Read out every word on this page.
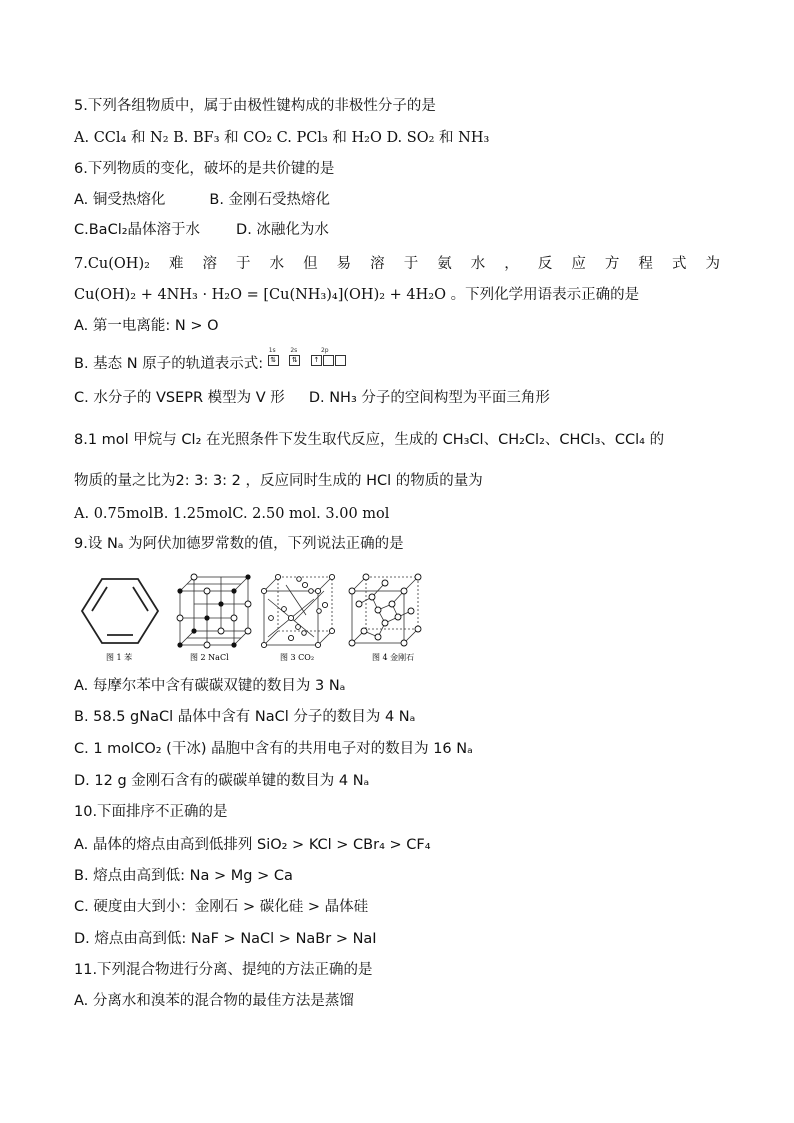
5.下列各组物质中，属于由极性键构成的非极性分子的是
A. CCl₄ 和 N₂ B. BF₃ 和 CO₂ C. PCl₃ 和 H₂O D. SO₂ 和 NH₃
6.下列物质的变化，破坏的是共价键的是
A. 铜受热熔化	B. 金刚石受热熔化
C.BaCl₂晶体溶于水 D. 冰融化为水
7.Cu(OH)₂ 难 溶 于 水 但 易 溶 于 氨 水 ， 反 应 方 程 式 为
Cu(OH)₂ + 4NH₃ · H₂O = [Cu(NH₃)₄](OH)₂ + 4H₂O 。下列化学用语表示正确的是
A. 第一电离能: N > O
B. 基态 N 原子的轨道表示式:
1s
⇅
2s
⇅
2p
↑
C. 水分子的 VSEPR 模型为 V 形 D. NH₃ 分子的空间构型为平面三角形
8.1 mol 甲烷与 Cl₂ 在光照条件下发生取代反应，生成的 CH₃Cl、CH₂Cl₂、CHCl₃、CCl₄ 的
物质的量之比为2: 3: 3: 2 ，反应同时生成的 HCl 的物质的量为
A. 0.75molB. 1.25molC. 2.50 mol. 3.00 mol
9.设 Nₐ 为阿伏加德罗常数的值，下列说法正确的是
图 1 苯	图 2 NaCl	图 3 CO₂	图 4 金刚石
A. 每摩尔苯中含有碳碳双键的数目为 3 Nₐ
B. 58.5 gNaCl 晶体中含有 NaCl 分子的数目为 4 Nₐ
C. 1 molCO₂ (干冰) 晶胞中含有的共用电子对的数目为 16 Nₐ
D. 12 g 金刚石含有的碳碳单键的数目为 4 Nₐ
10.下面排序不正确的是
A. 晶体的熔点由高到低排列 SiO₂ > KCl > CBr₄ > CF₄
B. 熔点由高到低: Na > Mg > Ca
C. 硬度由大到小：金刚石 > 碳化硅 > 晶体硅
D. 熔点由高到低: NaF > NaCl > NaBr > NaI
11.下列混合物进行分离、提纯的方法正确的是
A. 分离水和溴苯的混合物的最佳方法是蒸馏
